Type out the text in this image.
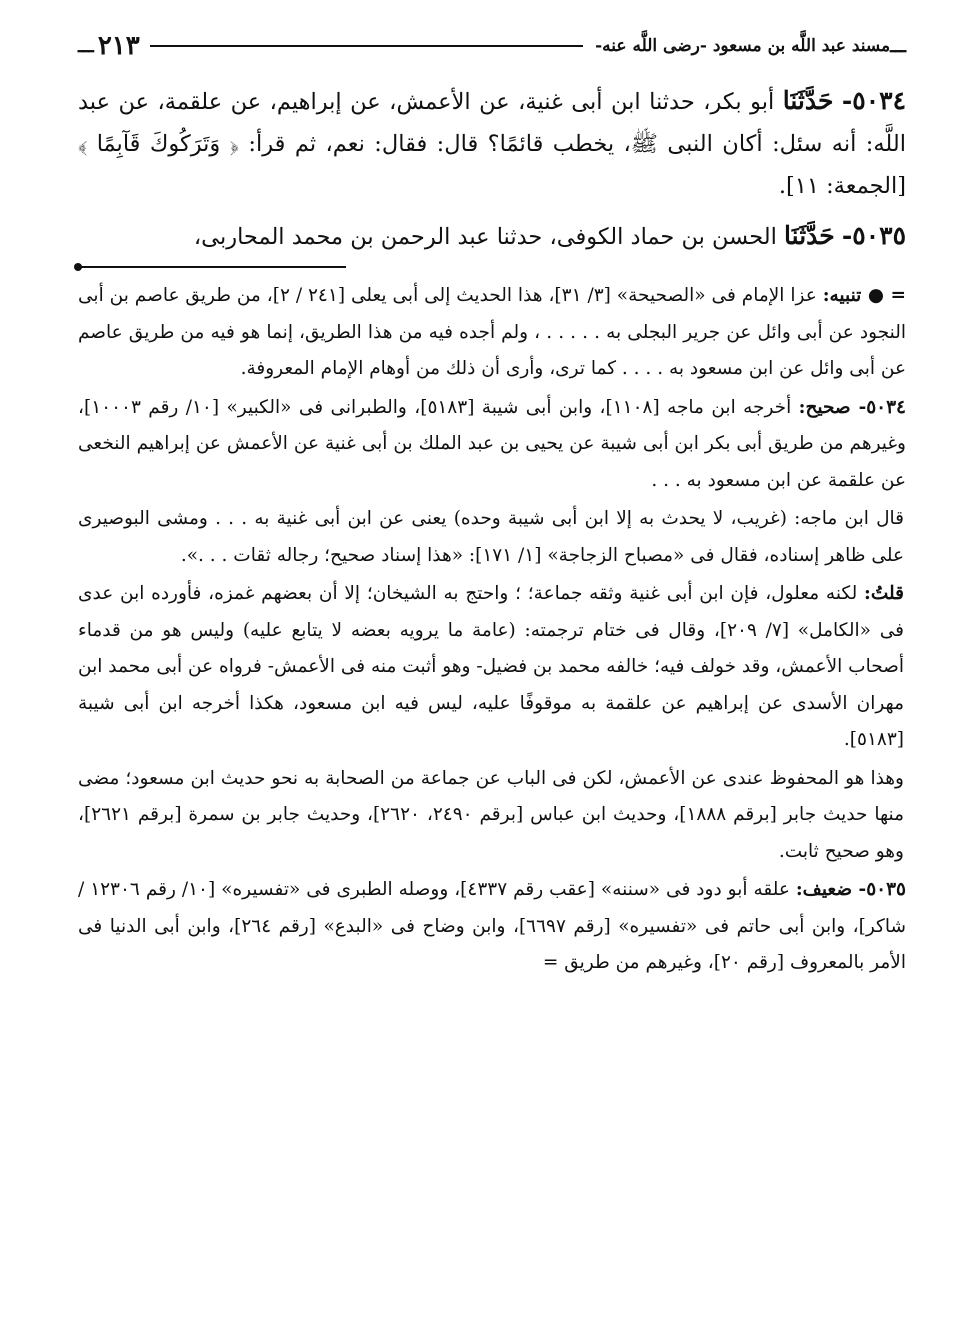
ـــ
مسند عبد اللَّه بن مسعود -رضى اللَّه عنه-
٢١٣
ـــ

٥٠٣٤- حَدَّثَنَا أبو بكر، حدثنا ابن أبى غنية، عن الأعمش، عن إبراهيم، عن علقمة، عن عبد اللَّه: أنه سئل: أكان النبى ﷺ، يخطب قائمًا؟ قال: فقال: نعم، ثم قرأ: ﴿ وَتَرَكُوكَ قَآبِمًا ﴾ [الجمعة: ١١].

٥٠٣٥- حَدَّثَنَا الحسن بن حماد الكوفى، حدثنا عبد الرحمن بن محمد المحاربى،

= ● تنبيه: عزا الإمام فى «الصحيحة» [٣/ ٣١]، هذا الحديث إلى أبى يعلى [٢٤١ / ٢]، من طريق عاصم بن أبى النجود عن أبى وائل عن جرير البجلى به . . . . . ، ولم أجده فيه من هذا الطريق، إنما هو فيه من طريق عاصم عن أبى وائل عن ابن مسعود به . . . . كما ترى، وأرى أن ذلك من أوهام الإمام المعروفة.
٥٠٣٤- صحيح: أخرجه ابن ماجه [١١٠٨]، وابن أبى شيبة [٥١٨٣]، والطبرانى فى «الكبير» [١٠/ رقم ١٠٠٠٣]، وغيرهم من طريق أبى بكر ابن أبى شيبة عن يحيى بن عبد الملك بن أبى غنية عن الأعمش عن إبراهيم النخعى عن علقمة عن ابن مسعود به . . .
قال ابن ماجه: (غريب، لا يحدث به إلا ابن أبى شيبة وحده) يعنى عن ابن أبى غنية به . . . ومشى البوصيرى على ظاهر إسناده، فقال فى «مصباح الزجاجة» [١/ ١٧١]: «هذا إسناد صحيح؛ رجاله ثقات . . .».
قلتُ: لكنه معلول، فإن ابن أبى غنية وثقه جماعة؛ ؛ واحتج به الشيخان؛ إلا أن بعضهم غمزه، فأورده ابن عدى فى «الكامل» [٧/ ٢٠٩]، وقال فى ختام ترجمته: (عامة ما يرويه بعضه لا يتابع عليه) وليس هو من قدماء أصحاب الأعمش، وقد خولف فيه؛ خالفه محمد بن فضيل- وهو أثبت منه فى الأعمش- فرواه عن أبى محمد ابن مهران الأسدى عن إبراهيم عن علقمة به موقوفًا عليه، ليس فيه ابن مسعود، هكذا أخرجه ابن أبى شيبة [٥١٨٣].
وهذا هو المحفوظ عندى عن الأعمش، لكن فى الباب عن جماعة من الصحابة به نحو حديث ابن مسعود؛ مضى منها حديث جابر [برقم ١٨٨٨]، وحديث ابن عباس [برقم ٢٤٩٠، ٢٦٢٠]، وحديث جابر بن سمرة [برقم ٢٦٢١]، وهو صحيح ثابت.
٥٠٣٥- ضعيف: علقه أبو دود فى «سننه» [عقب رقم ٤٣٣٧]، ووصله الطبرى فى «تفسيره» [١٠/ رقم ١٢٣٠٦ / شاكر]، وابن أبى حاتم فى «تفسيره» [رقم ٦٦٩٧]، وابن وضاح فى «البدع» [رقم ٢٦٤]، وابن أبى الدنيا فى الأمر بالمعروف [رقم ٢٠]، وغيرهم من طريق =
